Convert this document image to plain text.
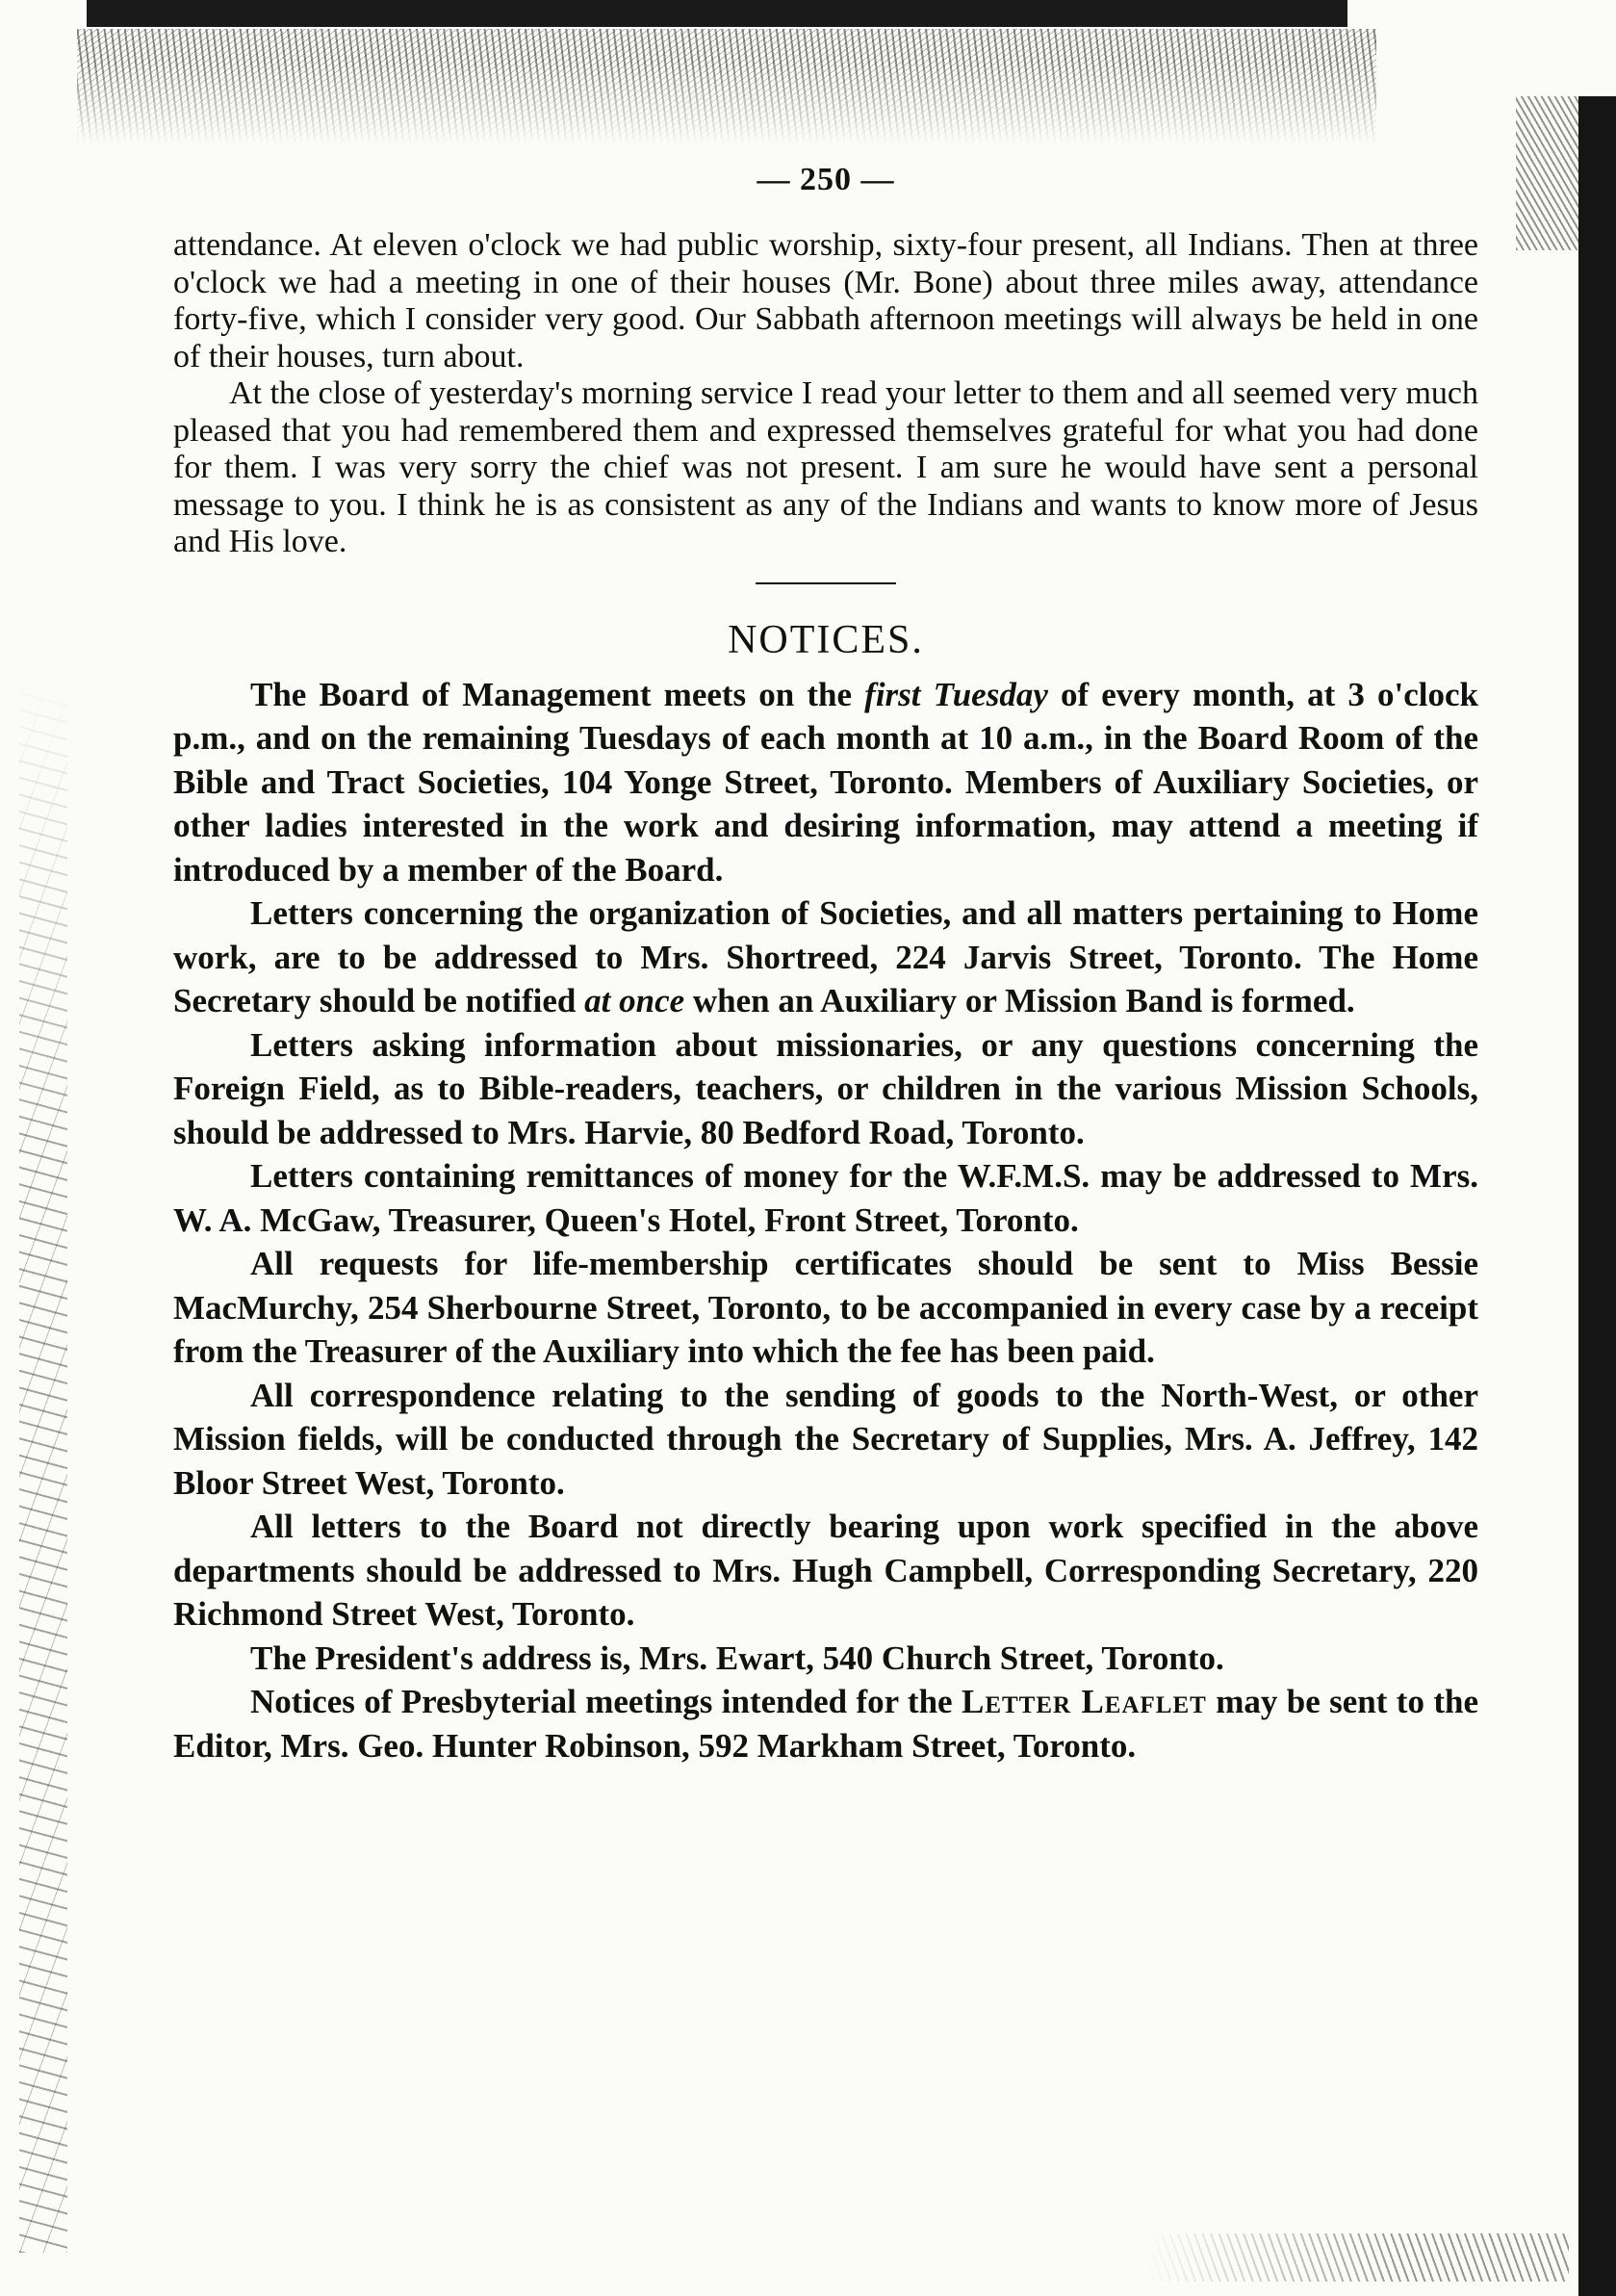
— 250 —

attendance. At eleven o'clock we had public worship, sixty-four present, all Indians. Then at three o'clock we had a meeting in one of their houses (Mr. Bone) about three miles away, attendance forty-five, which I consider very good. Our Sabbath afternoon meetings will always be held in one of their houses, turn about.

At the close of yesterday's morning service I read your letter to them and all seemed very much pleased that you had remembered them and expressed themselves grateful for what you had done for them. I was very sorry the chief was not present. I am sure he would have sent a personal message to you. I think he is as consistent as any of the Indians and wants to know more of Jesus and His love.

NOTICES.

The Board of Management meets on the first Tuesday of every month, at 3 o'clock p.m., and on the remaining Tuesdays of each month at 10 a.m., in the Board Room of the Bible and Tract Societies, 104 Yonge Street, Toronto. Members of Auxiliary Societies, or other ladies interested in the work and desiring information, may attend a meeting if introduced by a member of the Board.

Letters concerning the organization of Societies, and all matters pertaining to Home work, are to be addressed to Mrs. Shortreed, 224 Jarvis Street, Toronto. The Home Secretary should be notified at once when an Auxiliary or Mission Band is formed.

Letters asking information about missionaries, or any questions concerning the Foreign Field, as to Bible-readers, teachers, or children in the various Mission Schools, should be addressed to Mrs. Harvie, 80 Bedford Road, Toronto.

Letters containing remittances of money for the W.F.M.S. may be addressed to Mrs. W. A. McGaw, Treasurer, Queen's Hotel, Front Street, Toronto.

All requests for life-membership certificates should be sent to Miss Bessie MacMurchy, 254 Sherbourne Street, Toronto, to be accompanied in every case by a receipt from the Treasurer of the Auxiliary into which the fee has been paid.

All correspondence relating to the sending of goods to the North-West, or other Mission fields, will be conducted through the Secretary of Supplies, Mrs. A. Jeffrey, 142 Bloor Street West, Toronto.

All letters to the Board not directly bearing upon work specified in the above departments should be addressed to Mrs. Hugh Campbell, Corresponding Secretary, 220 Richmond Street West, Toronto.

The President's address is, Mrs. Ewart, 540 Church Street, Toronto.

Notices of Presbyterial meetings intended for the Letter Leaflet may be sent to the Editor, Mrs. Geo. Hunter Robinson, 592 Markham Street, Toronto.
